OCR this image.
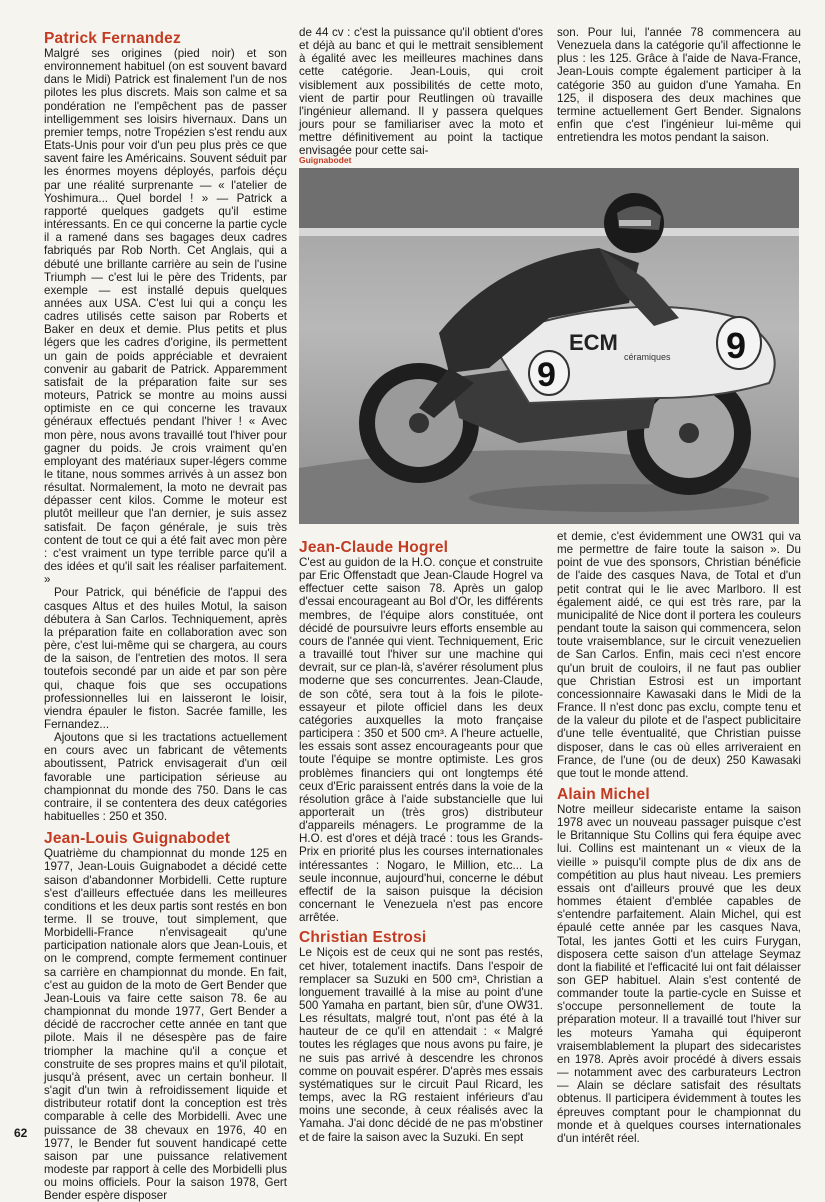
Patrick Fernandez

Malgré ses origines (pied noir) et son environnement habituel (on est souvent bavard dans le Midi) Patrick est finalement l'un de nos pilotes les plus discrets. Mais son calme et sa pondération ne l'empêchent pas de passer intelligemment ses loisirs hivernaux. Dans un premier temps, notre Tropézien s'est rendu aux Etats-Unis pour voir d'un peu plus près ce que savent faire les Américains. Souvent séduit par les énormes moyens déployés, parfois déçu par une réalité surprenante — « l'atelier de Yoshimura... Quel bordel ! » — Patrick a rapporté quelques gadgets qu'il estime intéressants. En ce qui concerne la partie cycle il a ramené dans ses bagages deux cadres fabriqués par Rob North. Cet Anglais, qui a débuté une brillante carrière au sein de l'usine Triumph — c'est lui le père des Tridents, par exemple — est installé depuis quelques années aux USA. C'est lui qui a conçu les cadres utilisés cette saison par Roberts et Baker en deux et demie. Plus petits et plus légers que les cadres d'origine, ils permettent un gain de poids appréciable et devraient convenir au gabarit de Patrick. Apparemment satisfait de la préparation faite sur ses moteurs, Patrick se montre au moins aussi optimiste en ce qui concerne les travaux généraux effectués pendant l'hiver ! « Avec mon père, nous avons travaillé tout l'hiver pour gagner du poids. Je crois vraiment qu'en employant des matériaux super-légers comme le titane, nous sommes arrivés à un assez bon résultat. Normalement, la moto ne devrait pas dépasser cent kilos. Comme le moteur est plutôt meilleur que l'an dernier, je suis assez satisfait. De façon générale, je suis très content de tout ce qui a été fait avec mon père : c'est vraiment un type terrible parce qu'il a des idées et qu'il sait les réaliser parfaitement. »

Pour Patrick, qui bénéficie de l'appui des casques Altus et des huiles Motul, la saison débutera à San Carlos. Techniquement, après la préparation faite en collaboration avec son père, c'est lui-même qui se chargera, au cours de la saison, de l'entretien des motos. Il sera toutefois secondé par un aide et par son père qui, chaque fois que ses occupations professionnelles lui en laisseront le loisir, viendra épauler le fiston. Sacrée famille, les Fernandez...

Ajoutons que si les tractations actuellement en cours avec un fabricant de vêtements aboutissent, Patrick envisagerait d'un œil favorable une participation sérieuse au championnat du monde des 750. Dans le cas contraire, il se contentera des deux catégories habituelles : 250 et 350.

Jean-Louis Guignabodet

Quatrième du championnat du monde 125 en 1977, Jean-Louis Guignabodet a décidé cette saison d'abandonner Morbidelli. Cette rupture s'est d'ailleurs effectuée dans les meilleures conditions et les deux partis sont restés en bon terme. Il se trouve, tout simplement, que Morbidelli-France n'envisageait qu'une participation nationale alors que Jean-Louis, et on le comprend, compte fermement continuer sa carrière en championnat du monde. En fait, c'est au guidon de la moto de Gert Bender que Jean-Louis va faire cette saison 78. 6e au championnat du monde 1977, Gert Bender a décidé de raccrocher cette année en tant que pilote. Mais il ne désespère pas de faire triompher la machine qu'il a conçue et construite de ses propres mains et qu'il pilotait, jusqu'à présent, avec un certain bonheur. Il s'agit d'un twin à refroidissement liquide et distributeur rotatif dont la conception est très comparable à celle des Morbidelli. Avec une puissance de 38 chevaux en 1976, 40 en 1977, le Bender fut souvent handicapé cette saison par une puissance relativement modeste par rapport à celle des Morbidelli plus ou moins officiels. Pour la saison 1978, Gert Bender espère disposer

de 44 cv : c'est la puissance qu'il obtient d'ores et déjà au banc et qui le mettrait sensiblement à égalité avec les meilleures machines dans cette catégorie. Jean-Louis, qui croit visiblement aux possibilités de cette moto, vient de partir pour Reutlingen où travaille l'ingénieur allemand. Il y passera quelques jours pour se familiariser avec la moto et mettre définitivement au point la tactique envisagée pour cette sai-

son. Pour lui, l'année 78 commencera au Venezuela dans la catégorie qu'il affectionne le plus : les 125. Grâce à l'aide de Nava-France, Jean-Louis compte également participer à la catégorie 350 au guidon d'une Yamaha. En 125, il disposera des deux machines que termine actuellement Gert Bender. Signalons enfin que c'est l'ingénieur lui-même qui entretiendra les motos pendant la saison.

Guignabodet
ECM
céramiques
9
9
Jean-Claude Hogrel

C'est au guidon de la H.O. conçue et construite par Eric Offenstadt que Jean-Claude Hogrel va effectuer cette saison 78. Après un galop d'essai encourageant au Bol d'Or, les différents membres, de l'équipe alors constituée, ont décidé de poursuivre leurs efforts ensemble au cours de l'année qui vient. Techniquement, Eric a travaillé tout l'hiver sur une machine qui devrait, sur ce plan-là, s'avérer résolument plus moderne que ses concurrentes. Jean-Claude, de son côté, sera tout à la fois le pilote-essayeur et pilote officiel dans les deux catégories auxquelles la moto française participera : 350 et 500 cm³. A l'heure actuelle, les essais sont assez encourageants pour que toute l'équipe se montre optimiste. Les gros problèmes financiers qui ont longtemps été ceux d'Eric paraissent entrés dans la voie de la résolution grâce à l'aide substancielle que lui apporterait un (très gros) distributeur d'appareils ménagers. Le programme de la H.O. est d'ores et déjà tracé : tous les Grands-Prix en priorité plus les courses internationales intéressantes : Nogaro, le Million, etc... La seule inconnue, aujourd'hui, concerne le début effectif de la saison puisque la décision concernant le Venezuela n'est pas encore arrêtée.

Christian Estrosi

Le Niçois est de ceux qui ne sont pas restés, cet hiver, totalement inactifs. Dans l'espoir de remplacer sa Suzuki en 500 cm³, Christian a longuement travaillé à la mise au point d'une 500 Yamaha en partant, bien sûr, d'une OW31. Les résultats, malgré tout, n'ont pas été à la hauteur de ce qu'il en attendait : « Malgré toutes les réglages que nous avons pu faire, je ne suis pas arrivé à descendre les chronos comme on pouvait espérer. D'après mes essais systématiques sur le circuit Paul Ricard, les temps, avec la RG restaient inférieurs d'au moins une seconde, à ceux réalisés avec la Yamaha. J'ai donc décidé de ne pas m'obstiner et de faire la saison avec la Suzuki. En sept

et demie, c'est évidemment une OW31 qui va me permettre de faire toute la saison ». Du point de vue des sponsors, Christian bénéficie de l'aide des casques Nava, de Total et d'un petit contrat qui le lie avec Marlboro. Il est également aidé, ce qui est très rare, par la municipalité de Nice dont il portera les couleurs pendant toute la saison qui commencera, selon toute vraisemblance, sur le circuit venezuelien de San Carlos. Enfin, mais ceci n'est encore qu'un bruit de couloirs, il ne faut pas oublier que Christian Estrosi est un important concessionnaire Kawasaki dans le Midi de la France. Il n'est donc pas exclu, compte tenu et de la valeur du pilote et de l'aspect publicitaire d'une telle éventualité, que Christian puisse disposer, dans le cas où elles arriveraient en France, de l'une (ou de deux) 250 Kawasaki que tout le monde attend.

Alain Michel

Notre meilleur sidecariste entame la saison 1978 avec un nouveau passager puisque c'est le Britannique Stu Collins qui fera équipe avec lui. Collins est maintenant un « vieux de la vieille » puisqu'il compte plus de dix ans de compétition au plus haut niveau. Les premiers essais ont d'ailleurs prouvé que les deux hommes étaient d'emblée capables de s'entendre parfaitement. Alain Michel, qui est épaulé cette année par les casques Nava, Total, les jantes Gotti et les cuirs Furygan, disposera cette saison d'un attelage Seymaz dont la fiabilité et l'efficacité lui ont fait délaisser son GEP habituel. Alain s'est contenté de commander toute la partie-cycle en Suisse et s'occupe personnellement de toute la préparation moteur. Il a travaillé tout l'hiver sur les moteurs Yamaha qui équiperont vraisemblablement la plupart des sidecaristes en 1978. Après avoir procédé à divers essais — notamment avec des carburateurs Lectron — Alain se déclare satisfait des résultats obtenus. Il participera évidemment à toutes les épreuves comptant pour le championnat du monde et à quelques courses internationales d'un intérêt réel.

62
